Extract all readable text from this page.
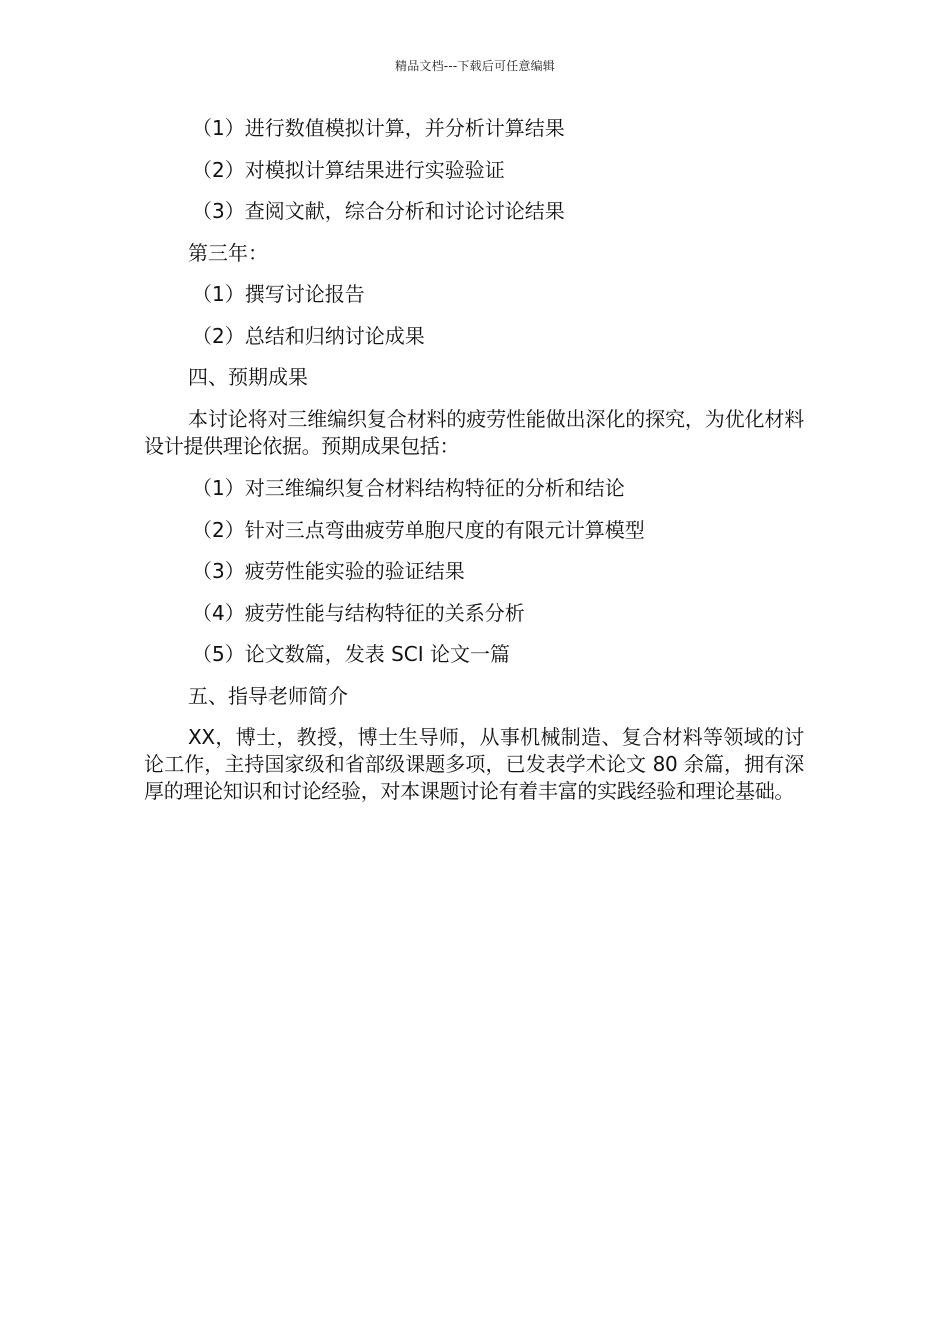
精品文档---下载后可任意编辑
（1）进行数值模拟计算，并分析计算结果
（2）对模拟计算结果进行实验验证
（3）查阅文献，综合分析和讨论讨论结果
第三年：
（1）撰写讨论报告
（2）总结和归纳讨论成果
四、预期成果
本讨论将对三维编织复合材料的疲劳性能做出深化的探究，为优化材料设计提供理论依据。预期成果包括：
（1）对三维编织复合材料结构特征的分析和结论
（2）针对三点弯曲疲劳单胞尺度的有限元计算模型
（3）疲劳性能实验的验证结果
（4）疲劳性能与结构特征的关系分析
（5）论文数篇，发表 SCI 论文一篇
五、指导老师简介
XX，博士，教授，博士生导师，从事机械制造、复合材料等领域的讨论工作，主持国家级和省部级课题多项，已发表学术论文 80 余篇，拥有深厚的理论知识和讨论经验，对本课题讨论有着丰富的实践经验和理论基础。
